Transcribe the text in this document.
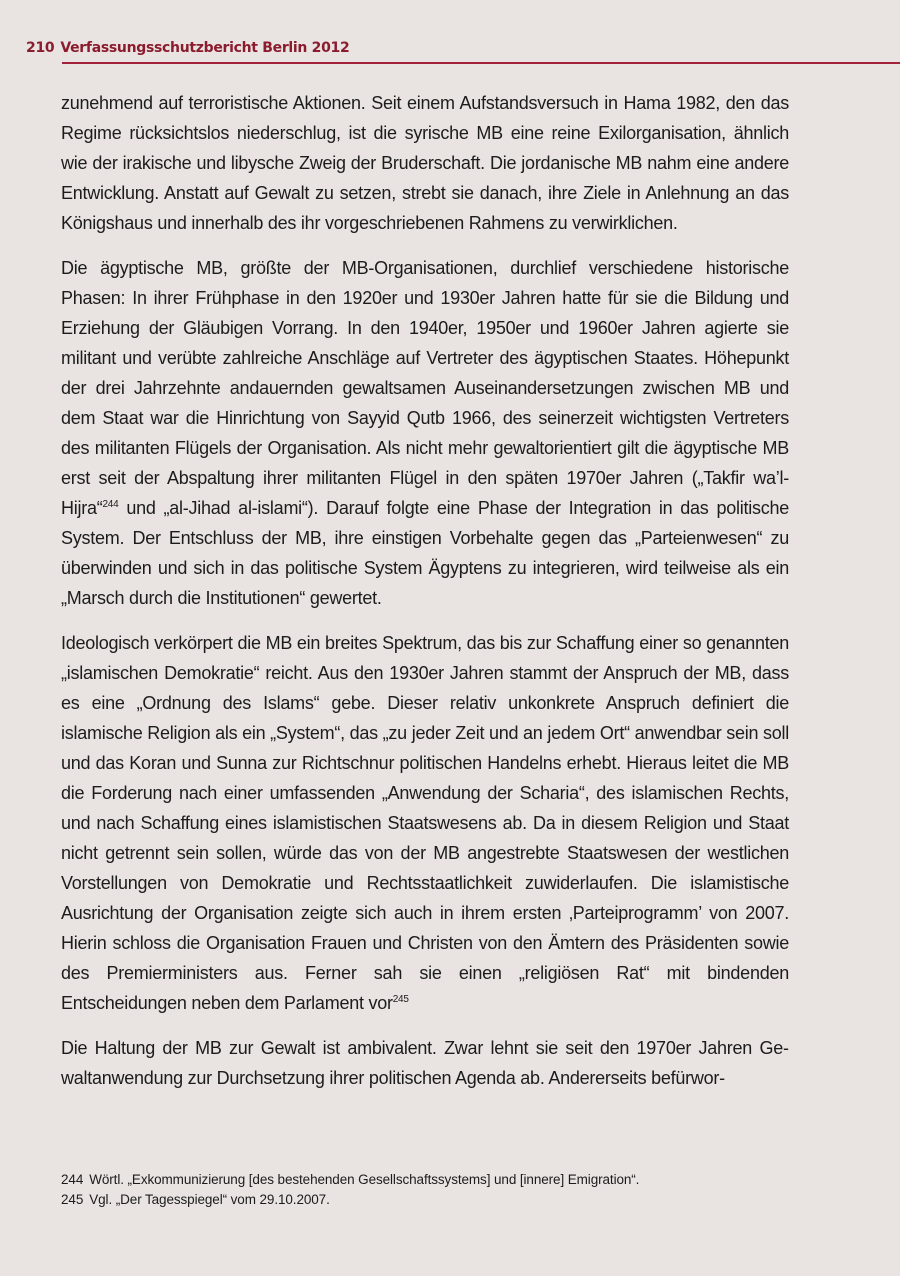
210 Verfassungsschutzbericht Berlin 2012

zunehmend auf terroristische Aktionen. Seit einem Aufstandsversuch in Hama 1982, den das Regime rücksichtslos niederschlug, ist die syrische MB eine reine Exilorganisation, ähnlich wie der irakische und libysche Zweig der Bruderschaft. Die jordanische MB nahm eine andere Entwicklung. Anstatt auf Gewalt zu setzen, strebt sie danach, ihre Ziele in Anlehnung an das Königshaus und innerhalb des ihr vorgeschriebenen Rahmens zu verwirklichen.

Die ägyptische MB, größte der MB-Organisationen, durchlief verschiedene historische Phasen: In ihrer Frühphase in den 1920er und 1930er Jahren hatte für sie die Bildung und Erziehung der Gläubigen Vorrang. In den 1940er, 1950er und 1960er Jahren agierte sie militant und verübte zahlreiche Anschläge auf Vertreter des ägyptischen Staates. Höhepunkt der drei Jahrzehnte andauernden gewaltsamen Auseinandersetzungen zwischen MB und dem Staat war die Hinrichtung von Sayyid Qutb 1966, des seinerzeit wichtigsten Vertreters des militanten Flügels der Organisation. Als nicht mehr gewaltorientiert gilt die ägyptische MB erst seit der Abspaltung ihrer militanten Flügel in den späten 1970er Jahren („Takfir wa’l-Hijra“$^{244}$ und „al-Jihad al-islami“). Darauf folgte eine Phase der Integration in das politische System. Der Entschluss der MB, ihre einstigen Vorbehalte gegen das „Parteienwesen“ zu überwinden und sich in das politische System Ägyptens zu integrieren, wird teilweise als ein „Marsch durch die Institutionen“ gewertet.

Ideologisch verkörpert die MB ein breites Spektrum, das bis zur Schaffung einer so genannten „islamischen Demokratie“ reicht. Aus den 1930er Jahren stammt der Anspruch der MB, dass es eine „Ordnung des Islams“ gebe. Dieser relativ unkonkrete Anspruch definiert die islamische Religion als ein „System“, das „zu jeder Zeit und an jedem Ort“ anwendbar sein soll und das Koran und Sunna zur Richtschnur politischen Handelns erhebt. Hieraus leitet die MB die Forderung nach einer umfassenden „Anwendung der Scharia“, des islamischen Rechts, und nach Schaffung eines islamistischen Staatswesens ab. Da in diesem Religion und Staat nicht getrennt sein sollen, würde das von der MB angestrebte Staatswesen der westlichen Vorstellungen von Demokratie und Rechtsstaatlichkeit zuwiderlaufen. Die islamistische Ausrichtung der Organisation zeigte sich auch in ihrem ersten ‚Parteiprogramm’ von 2007. Hierin schloss die Organisation Frauen und Christen von den Ämtern des Präsidenten sowie des Premierministers aus. Ferner sah sie einen „religiösen Rat“ mit bindenden Entscheidungen neben dem Parlament vor$^{245}$

Die Haltung der MB zur Gewalt ist ambivalent. Zwar lehnt sie seit den 1970er Jahren Gewaltanwendung zur Durchsetzung ihrer politischen Agenda ab. Andererseits befürwor-

244 Wörtl. „Exkommunizierung [des bestehenden Gesellschaftssystems] und [innere] Emigration“.
245 Vgl. „Der Tagesspiegel“ vom 29.10.2007.
